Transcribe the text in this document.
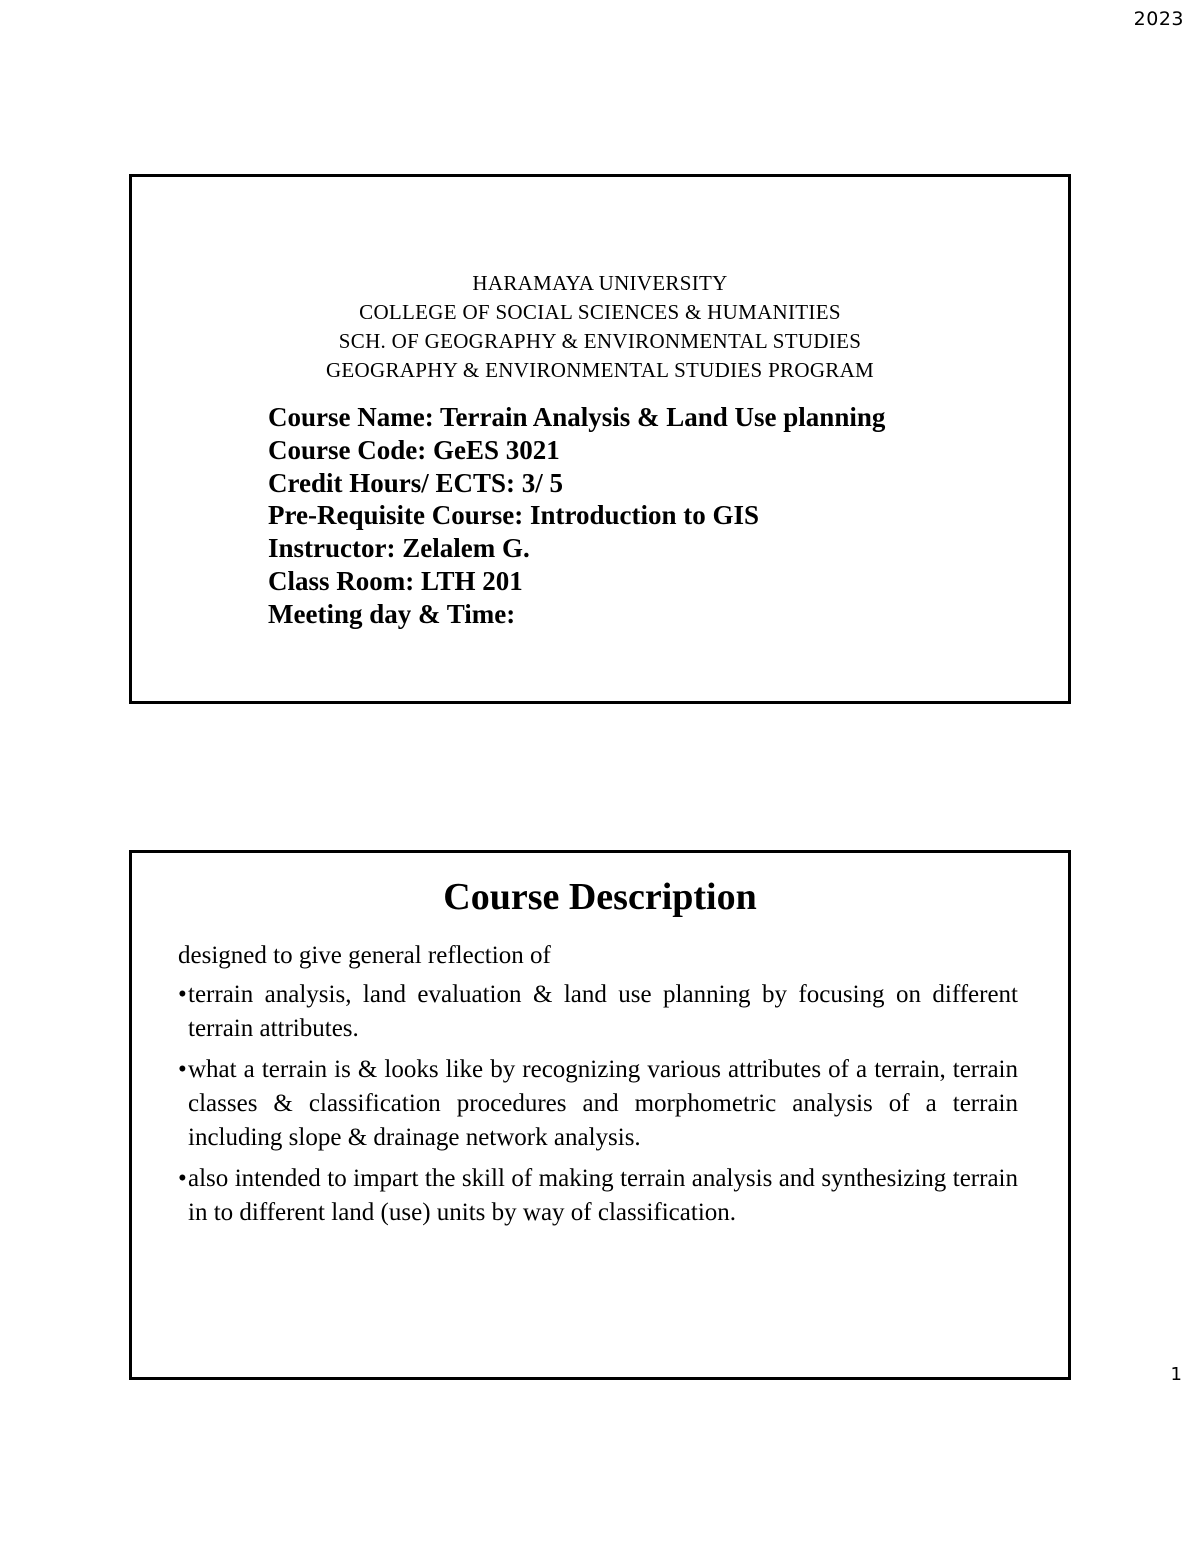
2023
HARAMAYA UNIVERSITY
COLLEGE OF SOCIAL SCIENCES & HUMANITIES
SCH. OF GEOGRAPHY & ENVIRONMENTAL STUDIES
GEOGRAPHY & ENVIRONMENTAL STUDIES PROGRAM
Course Name: Terrain Analysis & Land Use planning
Course Code: GeES 3021
Credit Hours/ ECTS: 3/ 5
Pre-Requisite Course: Introduction to GIS
Instructor: Zelalem G.
Class Room: LTH 201
Meeting day & Time:
Course Description
designed to give general reflection of
• terrain analysis, land evaluation & land use planning by focusing on different terrain attributes.
• what a terrain is & looks like by recognizing various attributes of a terrain, terrain classes & classification procedures and morphometric analysis of a terrain including slope & drainage network analysis.
• also intended to impart the skill of making terrain analysis and synthesizing terrain in to different land (use) units by way of classification.
1
